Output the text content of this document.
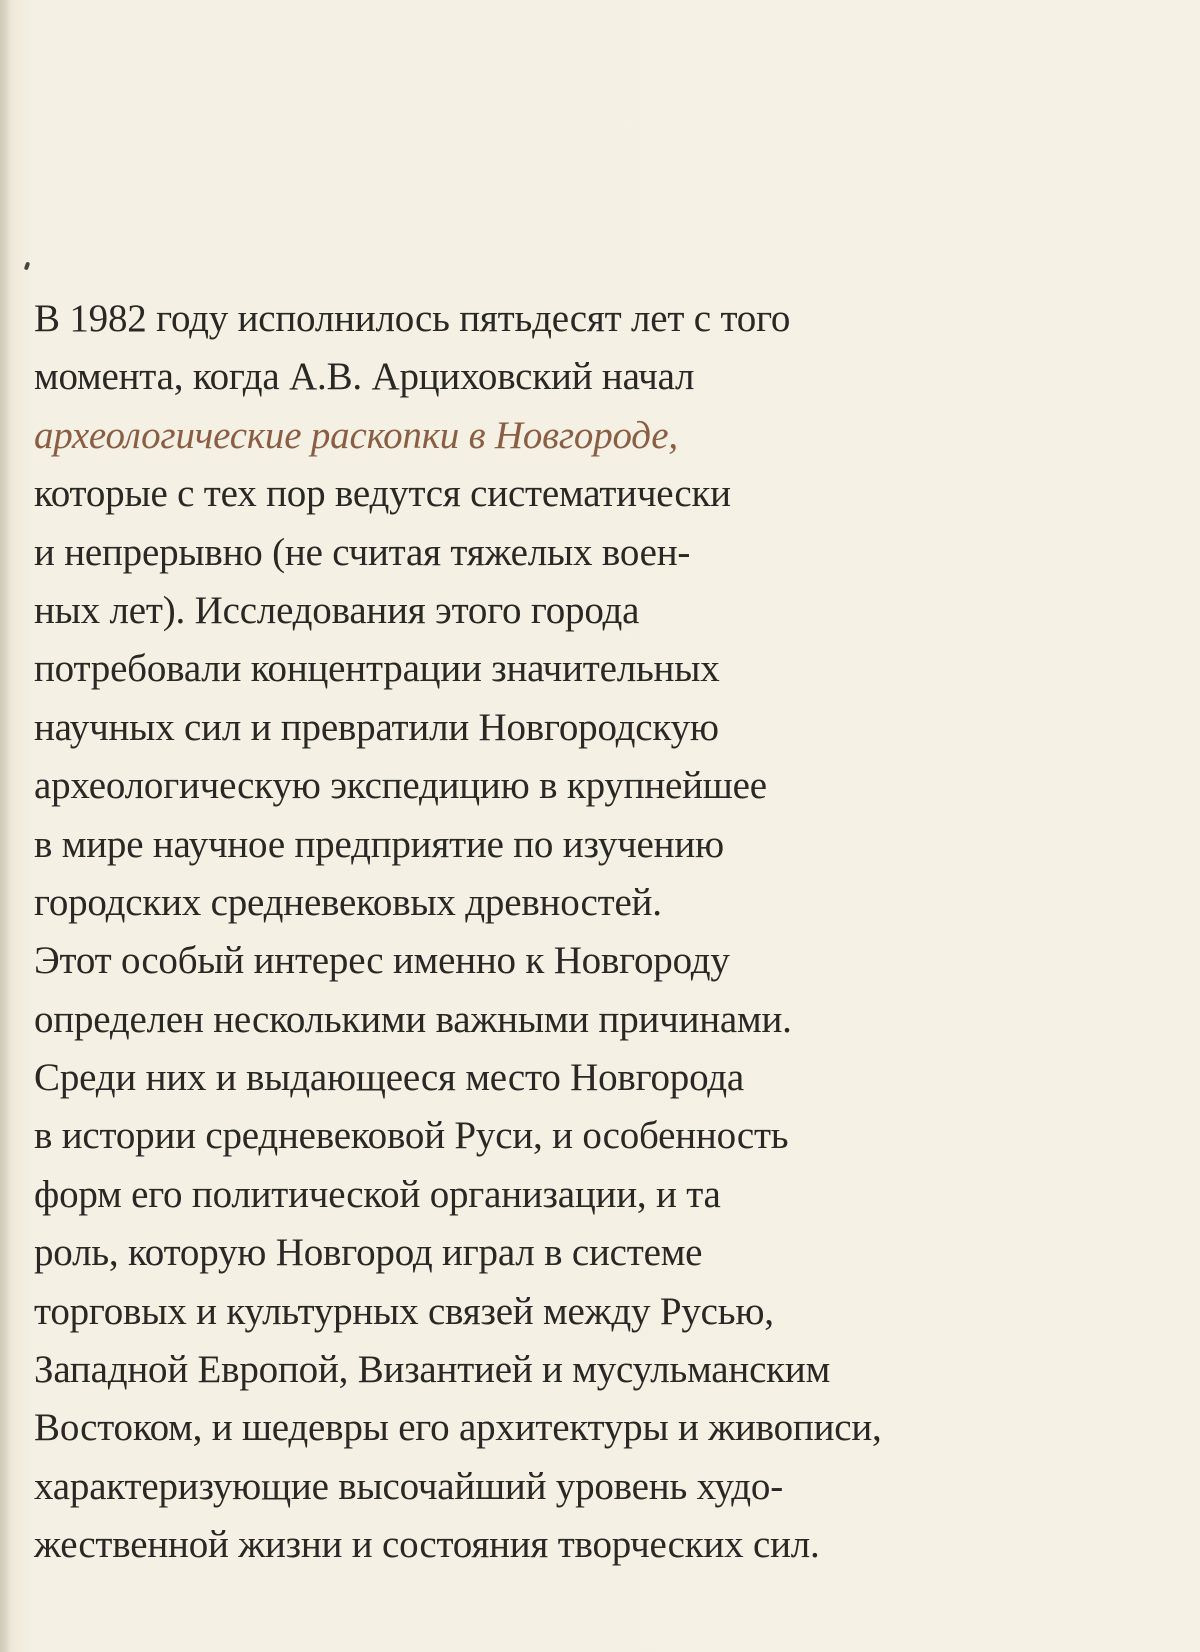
В 1982 году исполнилось пятьдесят лет с того
момента, когда А.В. Арциховский начал
археологические раскопки в Новгороде,
которые с тех пор ведутся систематически
и непрерывно (не считая тяжелых воен-
ных лет). Исследования этого города
потребовали концентрации значительных
научных сил и превратили Новгородскую
археологическую экспедицию в крупнейшее
в мире научное предприятие по изучению
городских средневековых древностей.
Этот особый интерес именно к Новгороду
определен несколькими важными причинами.
Среди них и выдающееся место Новгорода
в истории средневековой Руси, и особенность
форм его политической организации, и та
роль, которую Новгород играл в системе
торговых и культурных связей между Русью,
Западной Европой, Византией и мусульманским
Востоком, и шедевры его архитектуры и живописи,
характеризующие высочайший уровень худо-
жественной жизни и состояния творческих сил.
